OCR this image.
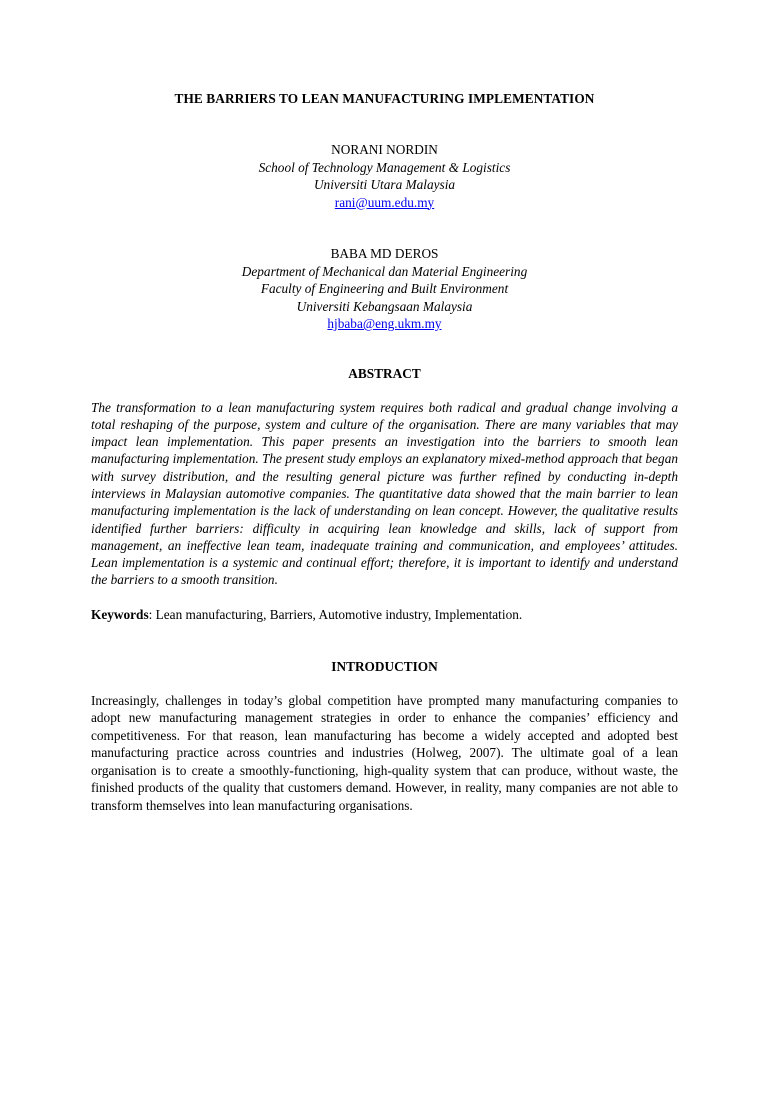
THE BARRIERS TO LEAN MANUFACTURING IMPLEMENTATION
NORANI NORDIN
School of Technology Management & Logistics
Universiti Utara Malaysia
rani@uum.edu.my
BABA MD DEROS
Department of Mechanical dan Material Engineering
Faculty of Engineering and Built Environment
Universiti Kebangsaan Malaysia
hjbaba@eng.ukm.my
ABSTRACT
The transformation to a lean manufacturing system requires both radical and gradual change involving a total reshaping of the purpose, system and culture of the organisation. There are many variables that may impact lean implementation. This paper presents an investigation into the barriers to smooth lean manufacturing implementation. The present study employs an explanatory mixed-method approach that began with survey distribution, and the resulting general picture was further refined by conducting in-depth interviews in Malaysian automotive companies. The quantitative data showed that the main barrier to lean manufacturing implementation is the lack of understanding on lean concept. However, the qualitative results identified further barriers: difficulty in acquiring lean knowledge and skills, lack of support from management, an ineffective lean team, inadequate training and communication, and employees’ attitudes. Lean implementation is a systemic and continual effort; therefore, it is important to identify and understand the barriers to a smooth transition.
Keywords: Lean manufacturing, Barriers, Automotive industry, Implementation.
INTRODUCTION
Increasingly, challenges in today’s global competition have prompted many manufacturing companies to adopt new manufacturing management strategies in order to enhance the companies’ efficiency and competitiveness. For that reason, lean manufacturing has become a widely accepted and adopted best manufacturing practice across countries and industries (Holweg, 2007). The ultimate goal of a lean organisation is to create a smoothly-functioning, high-quality system that can produce, without waste, the finished products of the quality that customers demand. However, in reality, many companies are not able to transform themselves into lean manufacturing organisations.
